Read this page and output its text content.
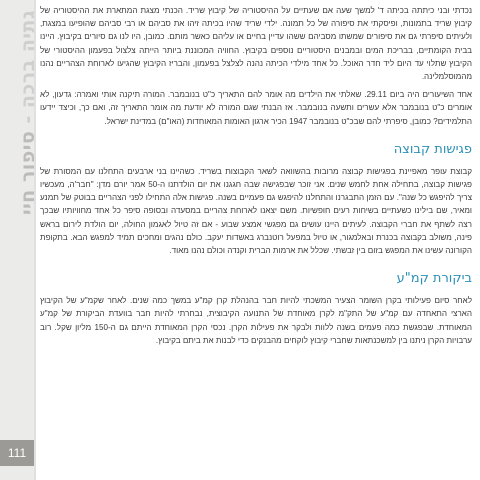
גתיה ברכה - סיפור חיי
111

נכדתי ובני כיתתה בכיתה ד' למשך שעה אם שעתיים על ההיסטוריה של קיבוץ שריד. הכנתי מצגת המתארת את ההיסטוריה של קיבוץ שריד בתמונות, ופיסקתי את סיפורה של כל תמונה. ילדי שריד שהיו בכיתה זיהו את סביהם או רבי סביהם שהופיעו במצגת, ולעיתים סיפרתי גם את סיפורים שמשתו מסביהם ששהו עדיין בחיים או עליהם כאשר מותם. כמובן, היו לנו גם סיורים בקיבוץ. היינו בבית הקומתיים, בבריכת המים ובמבנים היסטוריים נוספים בקיבוץ. החוויה המכוננת ביותר הייתה צלצול בפעמון ההיסטורי של הקיבוץ שתלוי עד היום ליד חדר האוכל. כל אחד מילדי הכיתה נהנה לצלצל בפעמון, והבריז הקיבוץ שהגיעו לארוחת הצהריים נהנו מהמוסלמלינה.

אחד השיעורים היה ביום 29.11. שאלתי את הילדים מה אומר להם התאריך כ"ט בנובמבר. המורה תיקנה אותי ואמרה: גדעון, לא אומרים כ"ט בנובמבר אלא עשרים ותשעה בנובמבר. אז הבנתי שגם המורה לא יודעת מה אומר התאריך זה, ואם כך, וכיצד יידעו התלמידים? כמובן, סיפרתי להם שבכ"ט בנובמבר 1947 הכיר ארגון האומות המאוחדות (האו"ם) במדינת ישראל.

פגישות קבוצה

קבוצת עופר מאפיינת בפגישות קבוצה מרובות בהשוואה לשאר הקבוצות בשריד. כשהיינו בני ארבעים התחלנו עם המסורת של פגישות קבוצה, בתחילה אחת לחמש שנים. אני זוכר שבפגישה שבה חגגנו את יום הולדתנו ה-50 אמר יורם מדן: "חבר'ה, מעכשיו צריך להיפגש כל שנה". עם הזמן התבגרנו והתחלנו להיפגש גם פעמיים בשנה. פגישות אלה התחילו לפני הצהריים בבוטק של תמנע ומאיר, שם בילינו כשעתיים בשיחות רעים חופשיות. משם יצאנו לארוחת צהריים במסעדה ובסופה סיפר כל אחד מחוויותיו שבכך רצה לשתף את חברי הקבוצה. לעיתים היינו עושים גם מפגשי אמצע שבוע - אם זה טיול לאגמון החולה, יום הולדת לירום בראש פינה, משולב בקבוצה בכנרת ובאלמגור, או טיול במפעל רוטנברג באשדות יעקב. כולם נהגים ומחכים תמיד למפגש הבא. בתקופת הקורונה עשינו את המפגש בזום בין זבשתי. שכלל את ארמות הברית וקנדה וכולם נהנו מאוד.

ביקורת קמ"ע

לאחר סיום פעילותי בקרן השומר הצעיר המשכתי להיות חבר בהנהלת קרן קמ"ע במשך כמה שנים. לאחר שקמ"ע של הקיבוץ הארצי התאחדה עם קמ"ע של התק"מ לקרן מאוחדת של התנועה הקיבוצית, נבחרתי להיות חבר בוועדת הביקורת של קמ"ע המאוחדת. שבפגשת כמה פעמים בשנה ללוות ולבקר את פעילות הקרן. נכסי הקרן המאוחדת הייתם גם ה-150 מליון שקל. רוב ערבויות הקרן ניתנו בין למשכנתאות שחברי קיבוץ לוקחים מהבנקים כדי לבנות את ביתם בקיבוץ.
